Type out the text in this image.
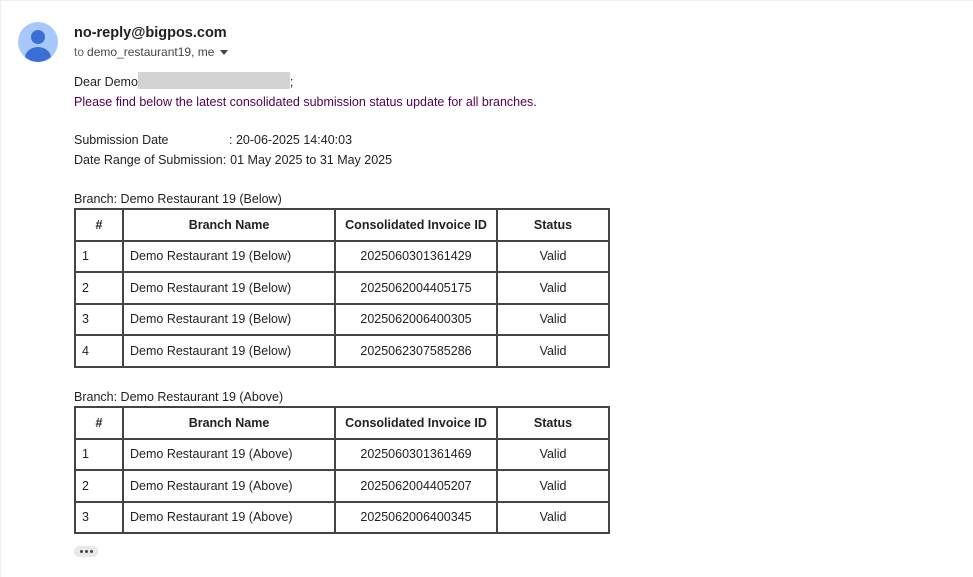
no-reply@bigpos.com
to demo_restaurant19, me
Dear Demo	;
Please find below the latest consolidated submission status update for all branches.
Submission Date	: 20-06-2025 14:40:03
Date Range of Submission: 01 May 2025 to 31 May 2025
Branch: Demo Restaurant 19 (Below)
#	Branch Name	Consolidated Invoice ID	Status
1	Demo Restaurant 19 (Below)	2025060301361429	Valid
2	Demo Restaurant 19 (Below)	2025062004405175	Valid
3	Demo Restaurant 19 (Below)	2025062006400305	Valid
4	Demo Restaurant 19 (Below)	2025062307585286	Valid
Branch: Demo Restaurant 19 (Above)
#	Branch Name	Consolidated Invoice ID	Status
1	Demo Restaurant 19 (Above)	2025060301361469	Valid
2	Demo Restaurant 19 (Above)	2025062004405207	Valid
3	Demo Restaurant 19 (Above)	2025062006400345	Valid
